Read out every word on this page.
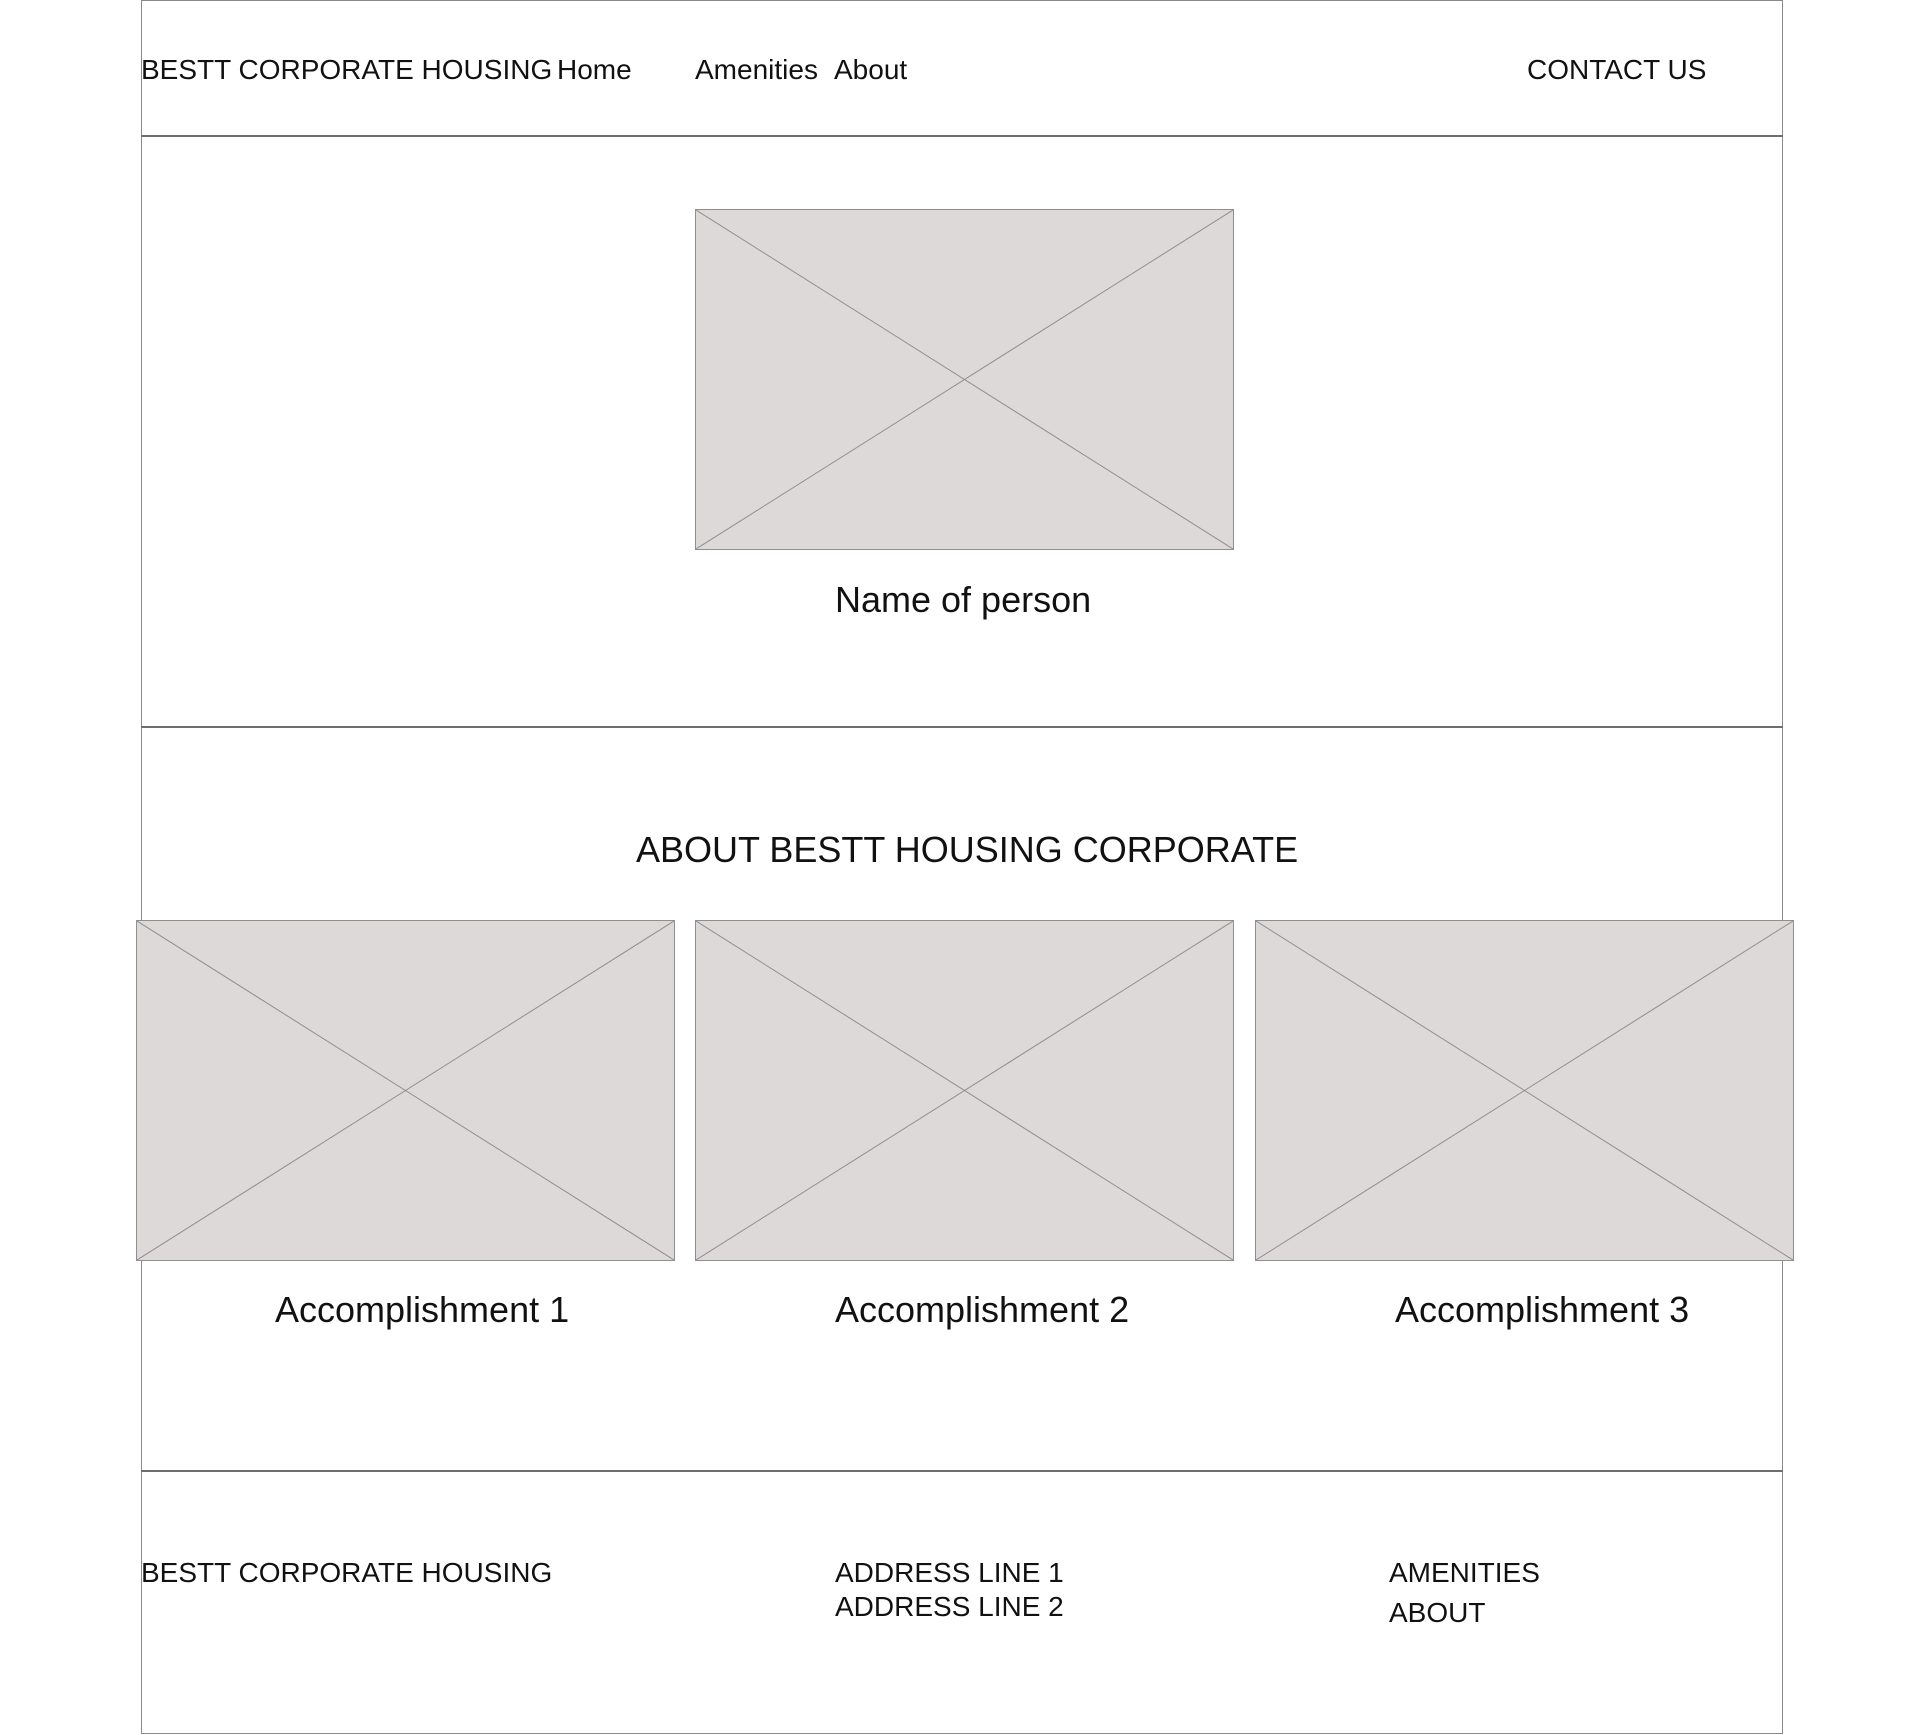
BESTT CORPORATE HOUSING Home Amenities About	CONTACT US
Name of person
ABOUT BESTT HOUSING CORPORATE
Accomplishment 1	Accomplishment 2	Accomplishment 3
BESTT CORPORATE HOUSING	ADDRESS LINE 1
ADDRESS LINE 2
AMENITIES
ABOUT
